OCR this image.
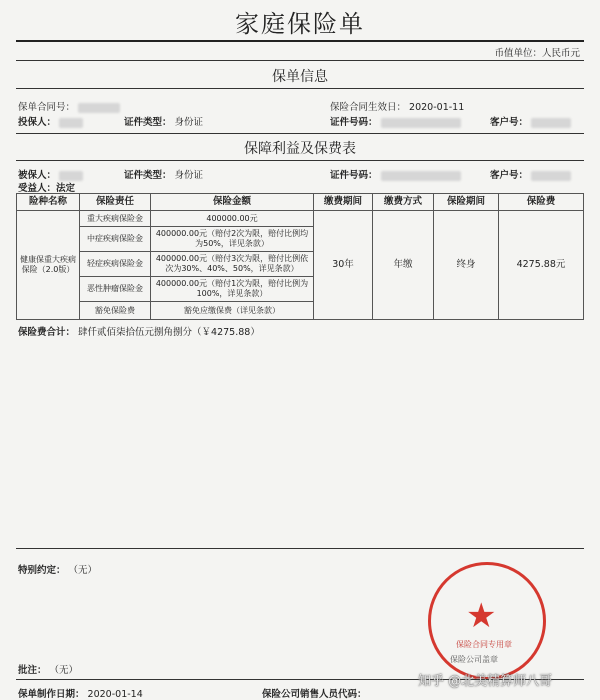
家庭保险单
币值单位：人民币元
保单信息
保单合同号：	保险合同生效日： 2020-01-11
投保人：	证件类型： 身份证	证件号码：	客户号：
保障利益及保费表
被保人：	证件类型： 身份证	证件号码：	客户号：
受益人：法定
险种名称	保险责任	保险金额	缴费期间	缴费方式	保险期间	保险费
健康保重大疾病保险（2.0版）	重大疾病保险金	400000.00元	30年	年缴	终身	4275.88元
	中症疾病保险金	400000.00元（赔付2次为限，赔付比例均为50%，详见条款）				
	轻症疾病保险金	400000.00元（赔付3次为限，赔付比例依次为30%、40%、50%，详见条款）				
	恶性肿瘤保险金	400000.00元（赔付1次为限，赔付比例为100%，详见条款）				
	豁免保险费	豁免应缴保费（详见条款）				
保险费合计： 肆仟贰佰柒拾伍元捌角捌分（￥4275.88）
特别约定： （无）
★
保险合同专用章
保险公司盖章
批注： （无）
保单制作日期： 2020-01-14	保险公司销售人员代码：
知乎 @北美精算师八哥
